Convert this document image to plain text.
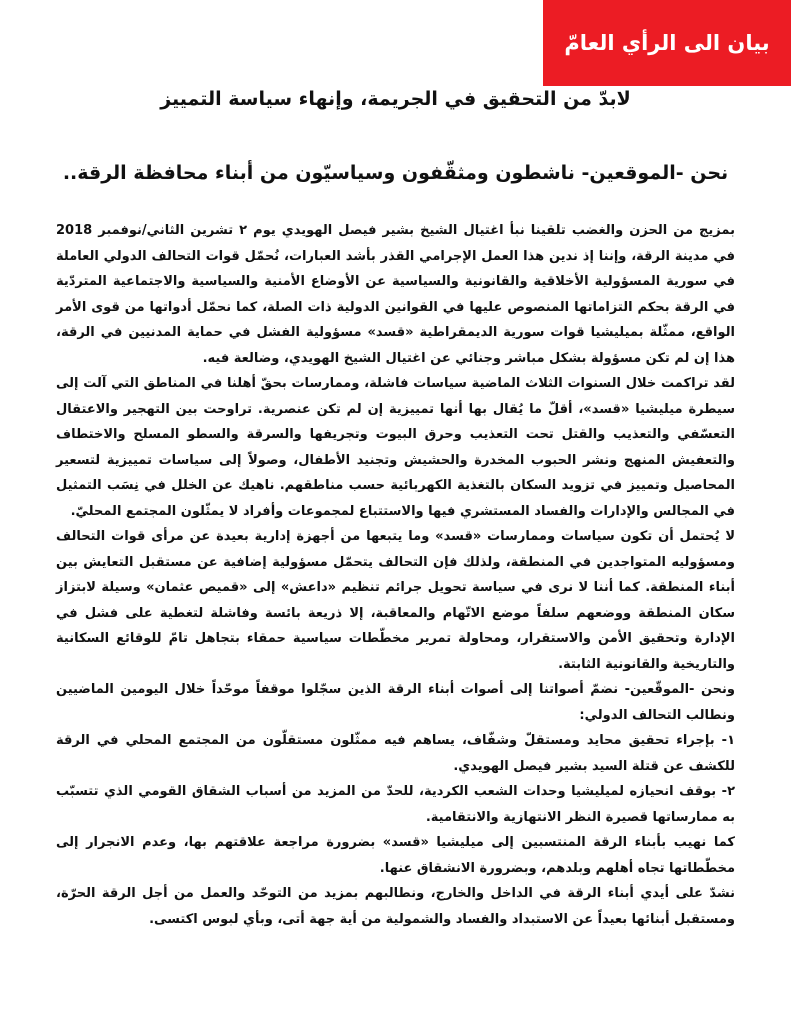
بيان الى الرأي العامّ
لابدّ من التحقيق في الجريمة، وإنهاء سياسة التمييز
نحن -الموقعين- ناشطون ومثقّفون وسياسيّون من أبناء محافظة الرقة..

بمزيج من الحزن والغضب تلقينا نبأ اغتيال الشيخ بشير فيصل الهويدي يوم ٢ تشرين الثاني/نوفمبر 2018 في مدينة الرقة، وإننا إذ ندين هذا العمل الإجرامي القذر بأشد العبارات، نُحمّل قوات التحالف الدولي العاملة في سورية المسؤولية الأخلاقية والقانونية والسياسية عن الأوضاع الأمنية والسياسية والاجتماعية المتردّية في الرقة بحكم التزاماتها المنصوص عليها في القوانين الدولية ذات الصلة، كما نحمّل أدواتها من قوى الأمر الواقع، ممثّلة بميليشيا قوات سورية الديمقراطية «قسد» مسؤولية الفشل في حماية المدنيين في الرقة، هذا إن لم تكن مسؤولة بشكل مباشر وجنائي عن اغتيال الشيخ الهويدي، وضالعة فيه.

لقد تراكمت خلال السنوات الثلاث الماضية سياسات فاشلة، وممارسات بحقّ أهلنا في المناطق التي آلت إلى سيطرة ميليشيا «قسد»، أقلّ ما يُقال بها أنها تمييزية إن لم تكن عنصرية. تراوحت بين التهجير والاعتقال التعسّفي والتعذيب والقتل تحت التعذيب وحرق البيوت وتجريفها والسرقة والسطو المسلح والاختطاف والتعفيش المنهج ونشر الحبوب المخدرة والحشيش وتجنيد الأطفال، وصولاً إلى سياسات تمييزية لتسعير المحاصيل وتمييز في تزويد السكان بالتغذية الكهربائية حسب مناطقهم. ناهيك عن الخلل في نِسَب التمثيل في المجالس والإدارات والفساد المستشري فيها والاستتباع لمجموعات وأفراد لا يمثّلون المجتمع المحليّ.

لا يُحتمل أن تكون سياسات وممارسات «قسد» وما يتبعها من أجهزة إدارية بعيدة عن مرأى قوات التحالف ومسؤوليه المتواجدين في المنطقة، ولذلك فإن التحالف يتحمّل مسؤولية إضافية عن مستقبل التعايش بين أبناء المنطقة. كما أننا لا نرى في سياسة تحويل جرائم تنظيم «داعش» إلى «قميص عثمان» وسيلة لابتزاز سكان المنطقة ووضعهم سلفاً موضع الاتّهام والمعاقبة، إلا ذريعة بائسة وفاشلة لتغطية على فشل في الإدارة وتحقيق الأمن والاستقرار، ومحاولة تمرير مخطّطات سياسية حمقاء بتجاهل تامّ للوقائع السكانية والتاريخية والقانونية الثابتة.

ونحن -الموقّعين- نضمّ أصواتنا إلى أصوات أبناء الرقة الذين سجّلوا موقفاً موحّداً خلال اليومين الماضيين ونطالب التحالف الدولي:

١- بإجراء تحقيق محايد ومستقلّ وشفّاف، يساهم فيه ممثّلون مستقلّون من المجتمع المحلي في الرقة للكشف عن قتلة السيد بشير فيصل الهويدي.

٢- بوقف انحيازه لميليشيا وحدات الشعب الكردية، للحدّ من المزيد من أسباب الشقاق القومي الذي تتسبّب به ممارساتها قصيرة النظر الانتهازية والانتقامية.

كما نهيب بأبناء الرقة المنتسبين إلى ميليشيا «قسد» بضرورة مراجعة علاقتهم بها، وعدم الانجرار إلى مخطّطاتها تجاه أهلهم وبلدهم، وبضرورة الانشقاق عنها.

نشدّ على أيدي أبناء الرقة في الداخل والخارج، ونطالبهم بمزيد من التوحّد والعمل من أجل الرقة الحرّة، ومستقبل أبنائها بعيداً عن الاستبداد والفساد والشمولية من أية جهة أتى، وبأي لبوس اكتسى.
